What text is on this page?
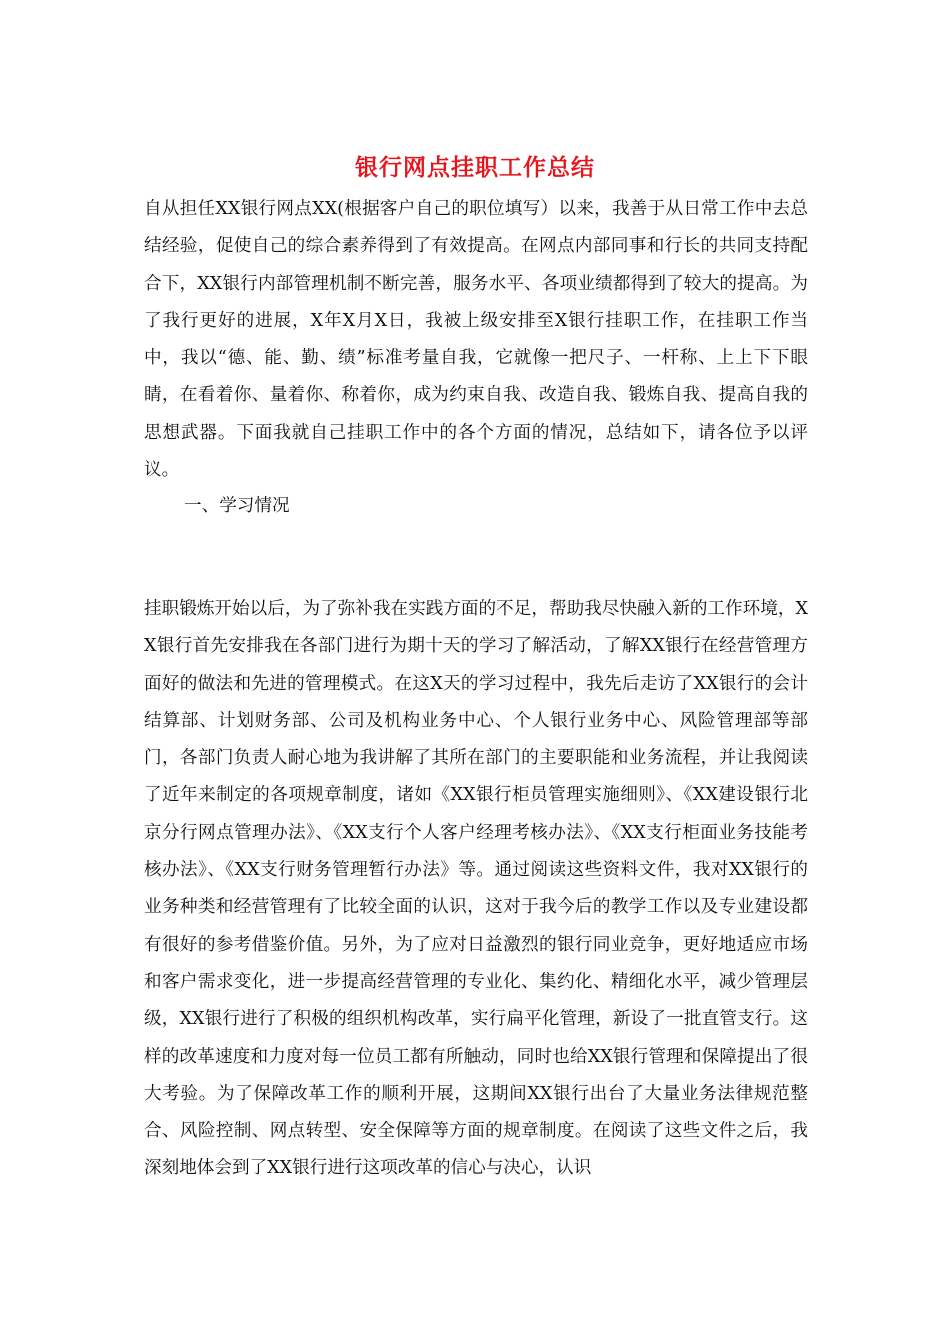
银行网点挂职工作总结

自从担任XX银行网点XX(根据客户自己的职位填写）以来，我善于从日常工作中去总结经验，促使自己的综合素养得到了有效提高。在网点内部同事和行长的共同支持配合下，XX银行内部管理机制不断完善，服务水平、各项业绩都得到了较大的提高。为了我行更好的进展，X年X月X日，我被上级安排至X银行挂职工作，在挂职工作当中，我以“德、能、勤、绩”标准考量自我，它就像一把尺子、一杆称、上上下下眼睛，在看着你、量着你、称着你，成为约束自我、改造自我、锻炼自我、提高自我的思想武器。下面我就自己挂职工作中的各个方面的情况，总结如下，请各位予以评议。

一、学习情况

挂职锻炼开始以后，为了弥补我在实践方面的不足，帮助我尽快融入新的工作环境，XX银行首先安排我在各部门进行为期十天的学习了解活动，了解XX银行在经营管理方面好的做法和先进的管理模式。在这X天的学习过程中，我先后走访了XX银行的会计结算部、计划财务部、公司及机构业务中心、个人银行业务中心、风险管理部等部门，各部门负责人耐心地为我讲解了其所在部门的主要职能和业务流程，并让我阅读了近年来制定的各项规章制度，诸如《XX银行柜员管理实施细则》、《XX建设银行北京分行网点管理办法》、《XX支行个人客户经理考核办法》、《XX支行柜面业务技能考核办法》、《XX支行财务管理暂行办法》等。通过阅读这些资料文件，我对XX银行的业务种类和经营管理有了比较全面的认识，这对于我今后的教学工作以及专业建设都有很好的参考借鉴价值。另外，为了应对日益激烈的银行同业竞争，更好地适应市场和客户需求变化，进一步提高经营管理的专业化、集约化、精细化水平，减少管理层级，XX银行进行了积极的组织机构改革，实行扁平化管理，新设了一批直管支行。这样的改革速度和力度对每一位员工都有所触动，同时也给XX银行管理和保障提出了很大考验。为了保障改革工作的顺利开展，这期间XX银行出台了大量业务法律规范整合、风险控制、网点转型、安全保障等方面的规章制度。在阅读了这些文件之后，我深刻地体会到了XX银行进行这项改革的信心与决心，认识
